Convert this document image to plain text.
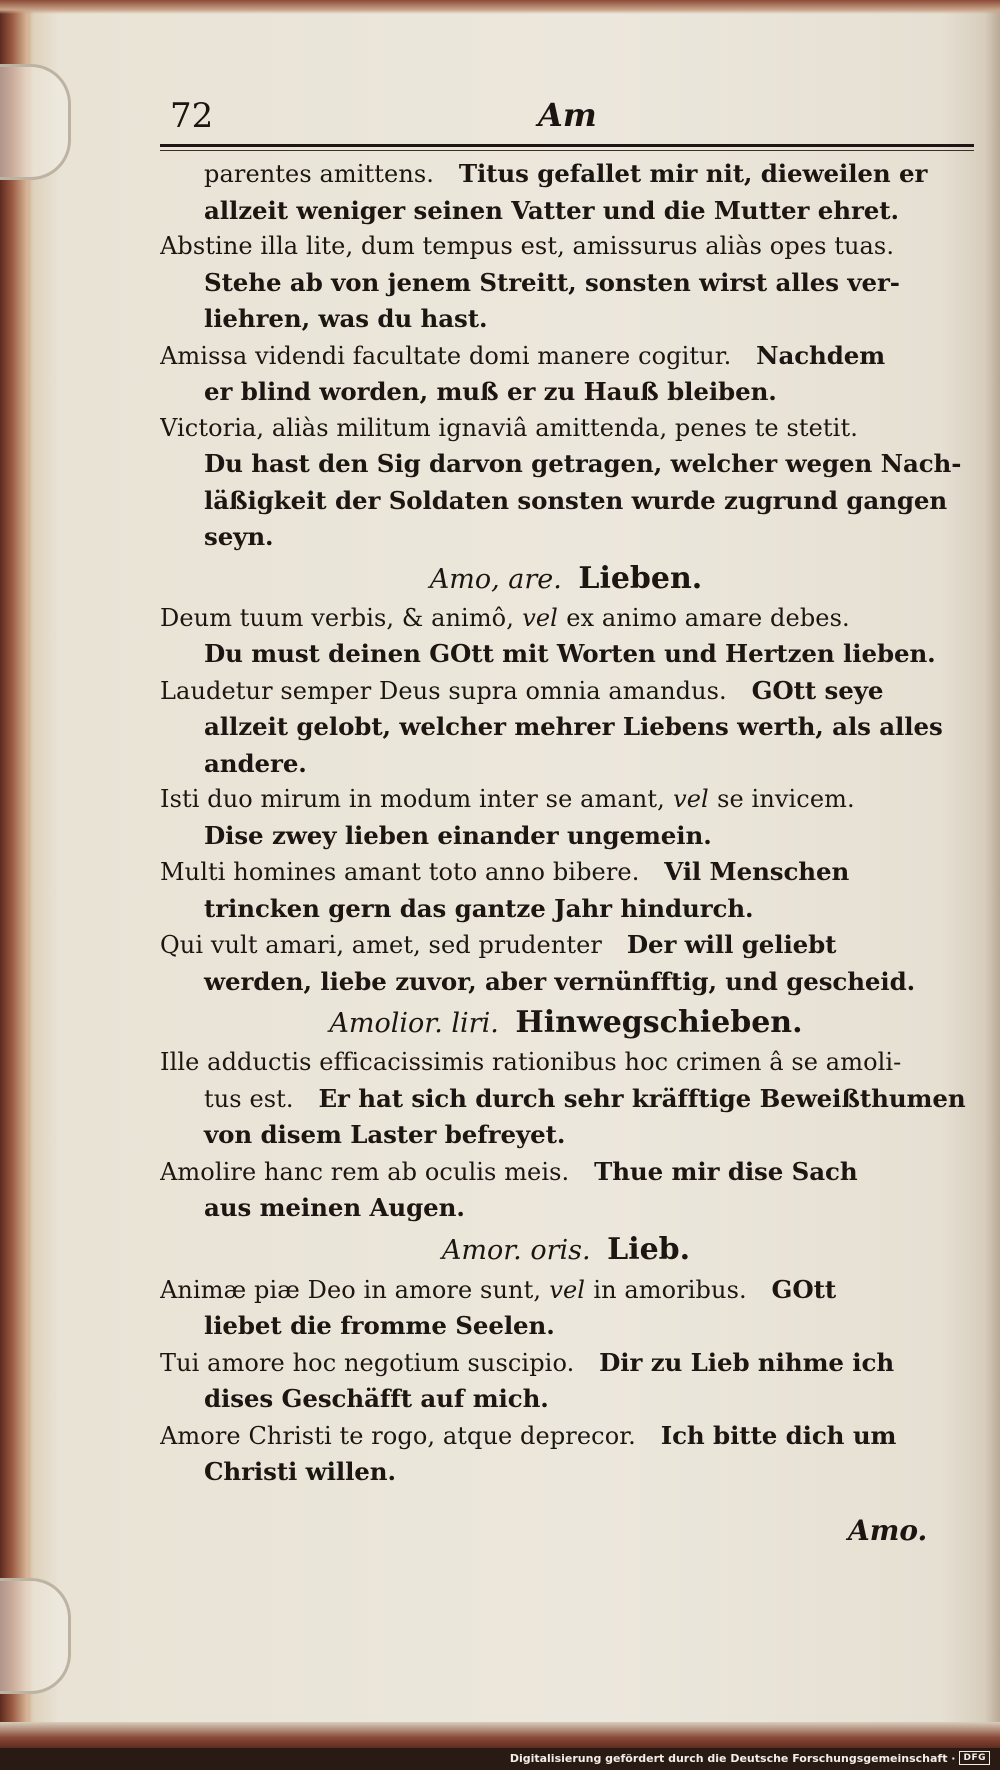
72	Am
parentes amittens. Titus gefallet mir nit, dieweilen er
allzeit weniger seinen Vatter und die Mutter ehret.
Abstine illa lite, dum tempus est, amissurus aliàs opes tuas.
Stehe ab von jenem Streitt, sonsten wirst alles ver-
liehren, was du hast.
Amissa videndi facultate domi manere cogitur. Nachdem
er blind worden, muß er zu Hauß bleiben.
Victoria, aliàs militum ignaviâ amittenda, penes te stetit.
Du hast den Sig darvon getragen, welcher wegen Nach-
läßigkeit der Soldaten sonsten wurde zugrund gangen
seyn.
Amo, are. Lieben.
Deum tuum verbis, & animô, vel ex animo amare debes.
Du must deinen GOtt mit Worten und Hertzen lieben.
Laudetur semper Deus supra omnia amandus. GOtt seye
allzeit gelobt, welcher mehrer Liebens werth, als alles
andere.
Isti duo mirum in modum inter se amant, vel se invicem.
Dise zwey lieben einander ungemein.
Multi homines amant toto anno bibere. Vil Menschen
trincken gern das gantze Jahr hindurch.
Qui vult amari, amet, sed prudenter Der will geliebt
werden, liebe zuvor, aber vernünfftig, und gescheid.
Amolior. liri. Hinwegschieben.
Ille adductis efficacissimis rationibus hoc crimen â se amoli-
tus est. Er hat sich durch sehr kräfftige Beweißthumen
von disem Laster befreyet.
Amolire hanc rem ab oculis meis. Thue mir dise Sach
aus meinen Augen.
Amor. oris. Lieb.
Animæ piæ Deo in amore sunt, vel in amoribus. GOtt
liebet die fromme Seelen.
Tui amore hoc negotium suscipio. Dir zu Lieb nihme ich
dises Geschäfft auf mich.
Amore Christi te rogo, atque deprecor. Ich bitte dich um
Christi willen.
Amo.
Digitalisierung gefördert durch die Deutsche Forschungsgemeinschaft · DFG
